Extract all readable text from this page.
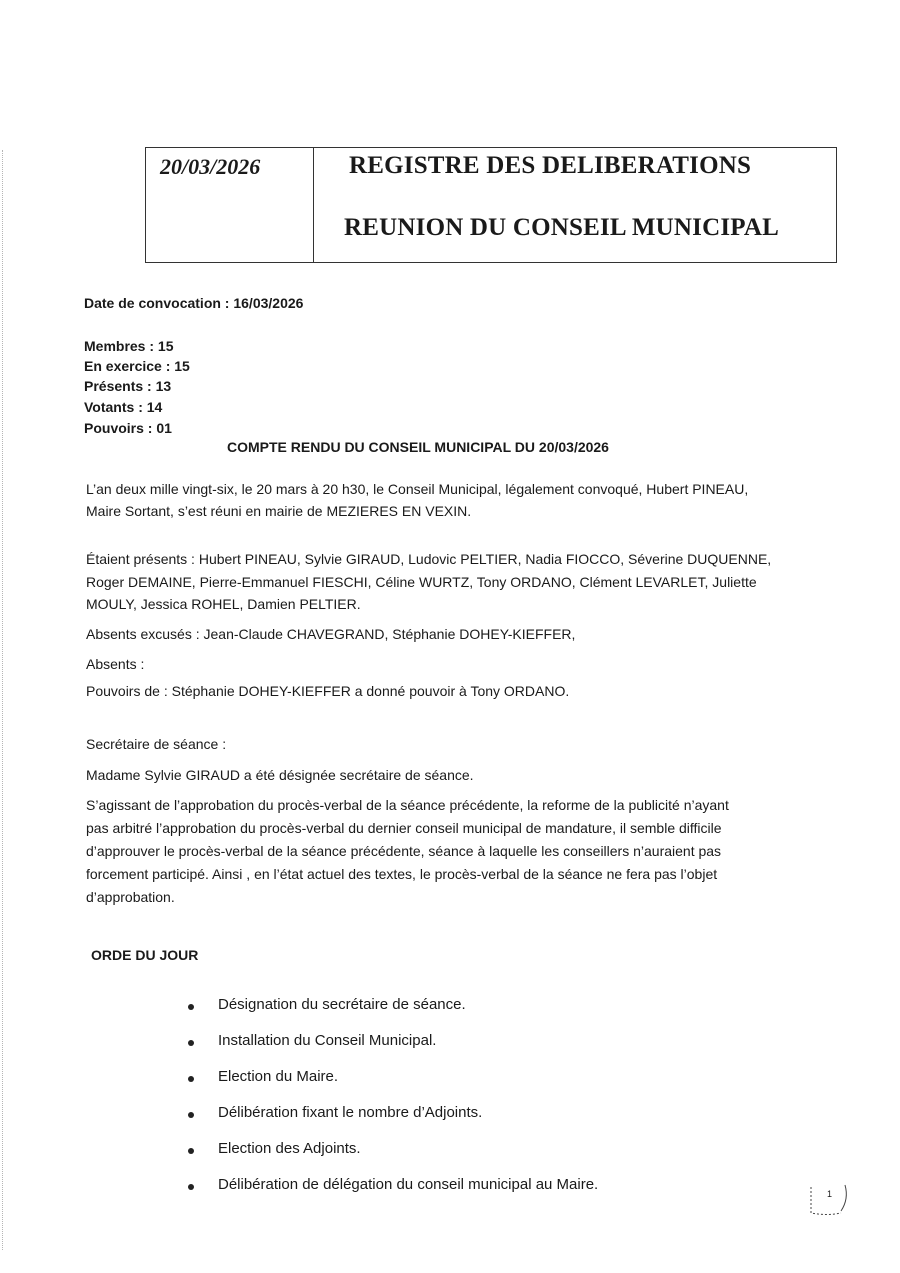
20/03/2026	REGISTRE DES DELIBERATIONS
REUNION DU CONSEIL MUNICIPAL
Date de convocation : 16/03/2026
Membres : 15
En exercice : 15
Présents : 13
Votants : 14
Pouvoirs : 01
COMPTE RENDU DU CONSEIL MUNICIPAL DU 20/03/2026
L’an deux mille vingt-six, le 20 mars à 20 h30, le Conseil Municipal, légalement convoqué, Hubert PINEAU,
Maire Sortant, s’est réuni en mairie de MEZIERES EN VEXIN.
Étaient présents : Hubert PINEAU, Sylvie GIRAUD, Ludovic PELTIER, Nadia FIOCCO, Séverine DUQUENNE,
Roger DEMAINE, Pierre-Emmanuel FIESCHI, Céline WURTZ, Tony ORDANO, Clément LEVARLET, Juliette
MOULY, Jessica ROHEL, Damien PELTIER.
Absents excusés : Jean-Claude CHAVEGRAND, Stéphanie DOHEY-KIEFFER,
Absents :
Pouvoirs de : Stéphanie DOHEY-KIEFFER a donné pouvoir à Tony ORDANO.
Secrétaire de séance :
Madame Sylvie GIRAUD a été désignée secrétaire de séance.
S’agissant de l’approbation du procès-verbal de la séance précédente, la reforme de la publicité n’ayant
pas arbitré l’approbation du procès-verbal du dernier conseil municipal de mandature, il semble difficile
d’approuver le procès-verbal de la séance précédente, séance à laquelle les conseillers n’auraient pas
forcement participé. Ainsi , en l’état actuel des textes, le procès-verbal de la séance ne fera pas l’objet
d’approbation.
ORDE DU JOUR
Désignation du secrétaire de séance.
Installation du Conseil Municipal.
Election du Maire.
Délibération fixant le nombre d’Adjoints.
Election des Adjoints.
Délibération de délégation du conseil municipal au Maire.
1
